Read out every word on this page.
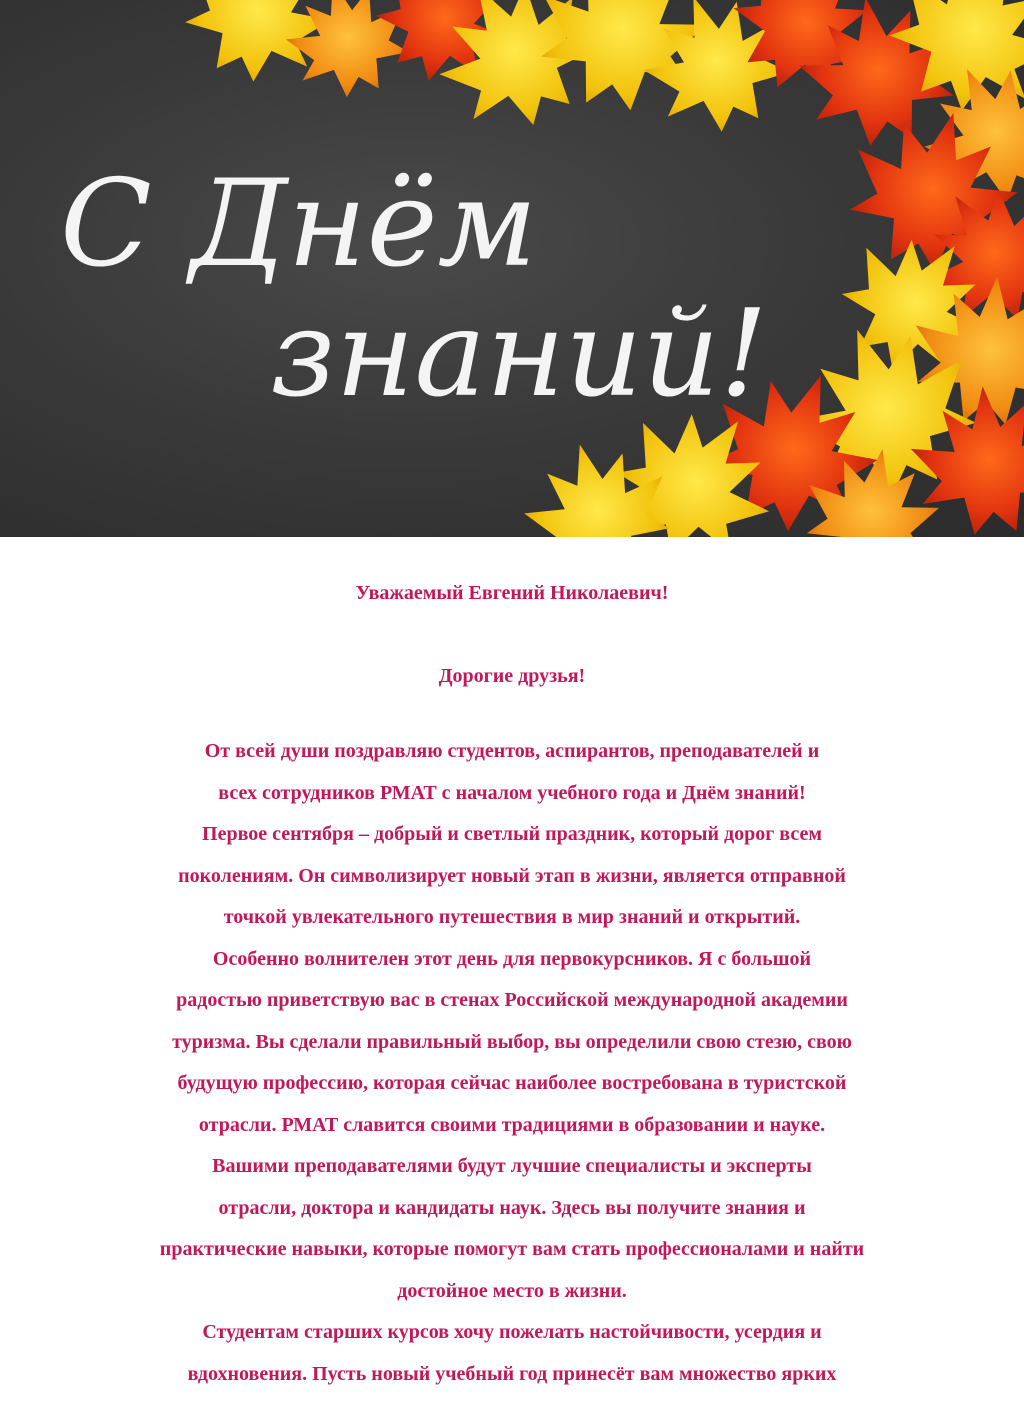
С Днём
знаний!
Уважаемый Евгений Николаевич!
Дорогие друзья!
От всей души поздравляю студентов, аспирантов, преподавателей и
всех сотрудников РМАТ с началом учебного года и Днём знаний!
Первое сентября – добрый и светлый праздник, который дорог всем
поколениям. Он символизирует новый этап в жизни, является отправной
точкой увлекательного путешествия в мир знаний и открытий.
Особенно волнителен этот день для первокурсников. Я с большой
радостью приветствую вас в стенах Российской международной академии
туризма. Вы сделали правильный выбор, вы определили свою стезю, свою
будущую профессию, которая сейчас наиболее востребована в туристской
отрасли. РМАТ славится своими традициями в образовании и науке.
Вашими преподавателями будут лучшие специалисты и эксперты
отрасли, доктора и кандидаты наук. Здесь вы получите знания и
практические навыки, которые помогут вам стать профессионалами и найти
достойное место в жизни.
Студентам старших курсов хочу пожелать настойчивости, усердия и
вдохновения. Пусть новый учебный год принесёт вам множество ярких
